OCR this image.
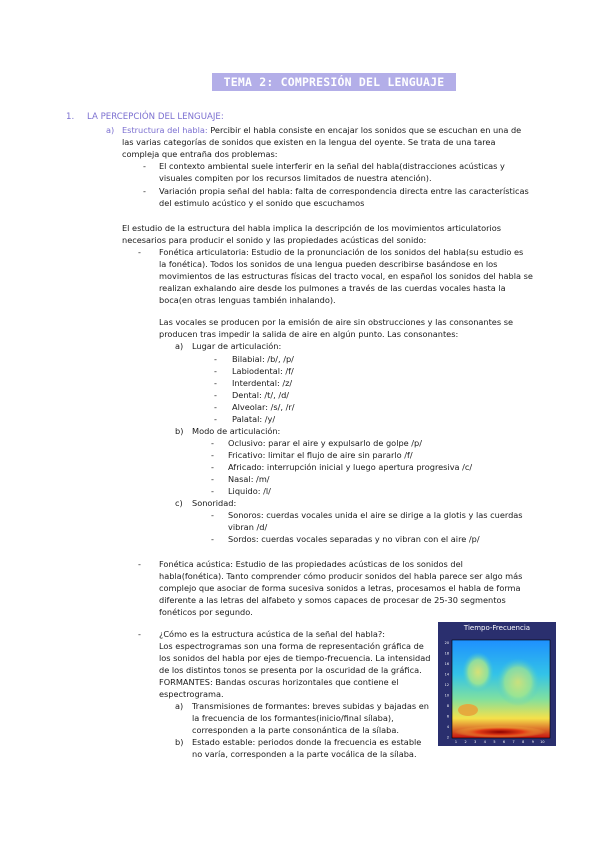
TEMA 2: COMPRESIÓN DEL LENGUAJE
1. LA PERCEPCIÓN DEL LENGUAJE:
a) Estructura del habla: Percibir el habla consiste en encajar los sonidos que se escuchan en una de
las varias categorías de sonidos que existen en la lengua del oyente. Se trata de una tarea
compleja que entraña dos problemas:
- El contexto ambiental suele interferir en la señal del habla(distracciones acústicas y
visuales compiten por los recursos limitados de nuestra atención).
- Variación propia señal del habla: falta de correspondencia directa entre las características
del estimulo acústico y el sonido que escuchamos
El estudio de la estructura del habla implica la descripción de los movimientos articulatorios
necesarios para producir el sonido y las propiedades acústicas del sonido:
- Fonética articulatoria: Estudio de la pronunciación de los sonidos del habla(su estudio es
la fonética). Todos los sonidos de una lengua pueden describirse basándose en los
movimientos de las estructuras físicas del tracto vocal, en español los sonidos del habla se
realizan exhalando aire desde los pulmones a través de las cuerdas vocales hasta la
boca(en otras lenguas también inhalando).
Las vocales se producen por la emisión de aire sin obstrucciones y las consonantes se
producen tras impedir la salida de aire en algún punto. Las consonantes:
a) Lugar de articulación:
- Bilabial: /b/, /p/
- Labiodental: /f/
- Interdental: /z/
- Dental: /t/, /d/
- Alveolar: /s/, /r/
- Palatal: /y/
b) Modo de articulación:
- Oclusivo: parar el aire y expulsarlo de golpe /p/
- Fricativo: limitar el flujo de aire sin pararlo /f/
- Africado: interrupción inicial y luego apertura progresiva /c/
- Nasal: /m/
- Liquido: /l/
c) Sonoridad:
- Sonoros: cuerdas vocales unida el aire se dirige a la glotis y las cuerdas
vibran /d/
- Sordos: cuerdas vocales separadas y no vibran con el aire /p/
- Fonética acústica: Estudio de las propiedades acústicas de los sonidos del
habla(fonética). Tanto comprender cómo producir sonidos del habla parece ser algo más
complejo que asociar de forma sucesiva sonidos a letras, procesamos el habla de forma
diferente a las letras del alfabeto y somos capaces de procesar de 25-30 segmentos
fonéticos por segundo.
- ¿Cómo es la estructura acústica de la señal del habla?:
Los espectrogramas son una forma de representación gráfica de
los sonidos del habla por ejes de tiempo-frecuencia. La intensidad
de los distintos tonos se presenta por la oscuridad de la gráfica.
FORMANTES: Bandas oscuras horizontales que contiene el
espectrograma.
a) Transmisiones de formantes: breves subidas y bajadas en
la frecuencia de los formantes(inicio/final sílaba),
corresponden a la parte consonántica de la sílaba.
b) Estado estable: periodos donde la frecuencia es estable
no varía, corresponden a la parte vocálica de la sílaba.
20
18
16
14
12
10
8
6
4
2
1 2 3 4 5 6 7 8 9 10
Tiempo-Frecuencia
